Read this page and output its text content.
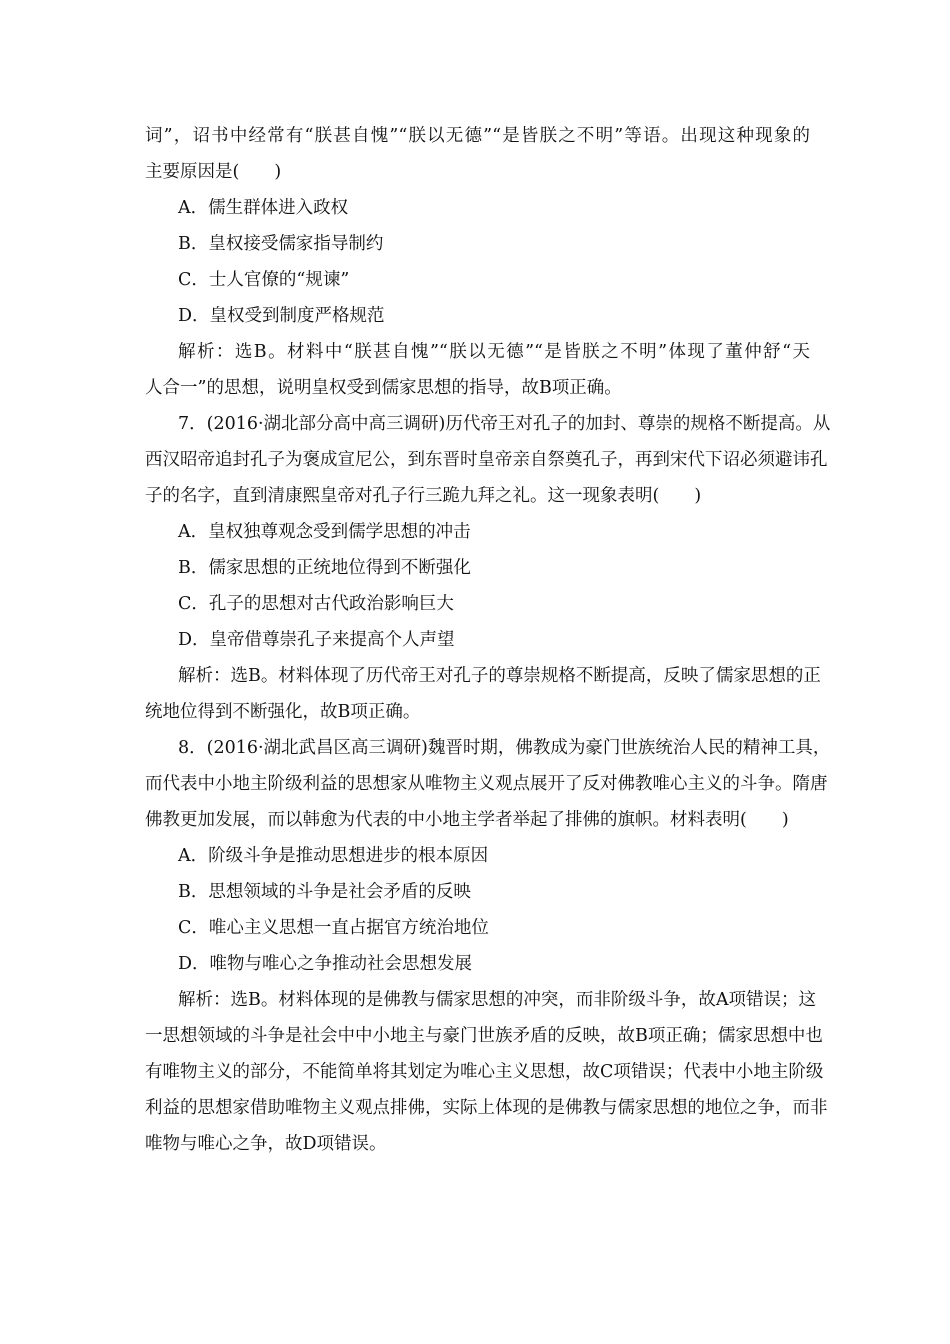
词”，诏书中经常有“朕甚自愧”“朕以无德”“是皆朕之不明”等语。出现这种现象的
主要原因是(　　)
A．儒生群体进入政权
B．皇权接受儒家指导制约
C．士人官僚的“规谏”
D．皇权受到制度严格规范
解析：选B。材料中“朕甚自愧”“朕以无德”“是皆朕之不明”体现了董仲舒“天
人合一”的思想，说明皇权受到儒家思想的指导，故B项正确。
7．(2016·湖北部分高中高三调研)历代帝王对孔子的加封、尊崇的规格不断提高。从
西汉昭帝追封孔子为褒成宣尼公，到东晋时皇帝亲自祭奠孔子，再到宋代下诏必须避讳孔
子的名字，直到清康熙皇帝对孔子行三跪九拜之礼。这一现象表明(　　)
A．皇权独尊观念受到儒学思想的冲击
B．儒家思想的正统地位得到不断强化
C．孔子的思想对古代政治影响巨大
D．皇帝借尊崇孔子来提高个人声望
解析：选B。材料体现了历代帝王对孔子的尊崇规格不断提高，反映了儒家思想的正
统地位得到不断强化，故B项正确。
8．(2016·湖北武昌区高三调研)魏晋时期，佛教成为豪门世族统治人民的精神工具，
而代表中小地主阶级利益的思想家从唯物主义观点展开了反对佛教唯心主义的斗争。隋唐
佛教更加发展，而以韩愈为代表的中小地主学者举起了排佛的旗帜。材料表明(　　)
A．阶级斗争是推动思想进步的根本原因
B．思想领域的斗争是社会矛盾的反映
C．唯心主义思想一直占据官方统治地位
D．唯物与唯心之争推动社会思想发展
解析：选B。材料体现的是佛教与儒家思想的冲突，而非阶级斗争，故A项错误；这
一思想领域的斗争是社会中中小地主与豪门世族矛盾的反映，故B项正确；儒家思想中也
有唯物主义的部分，不能简单将其划定为唯心主义思想，故C项错误；代表中小地主阶级
利益的思想家借助唯物主义观点排佛，实际上体现的是佛教与儒家思想的地位之争，而非
唯物与唯心之争，故D项错误。
